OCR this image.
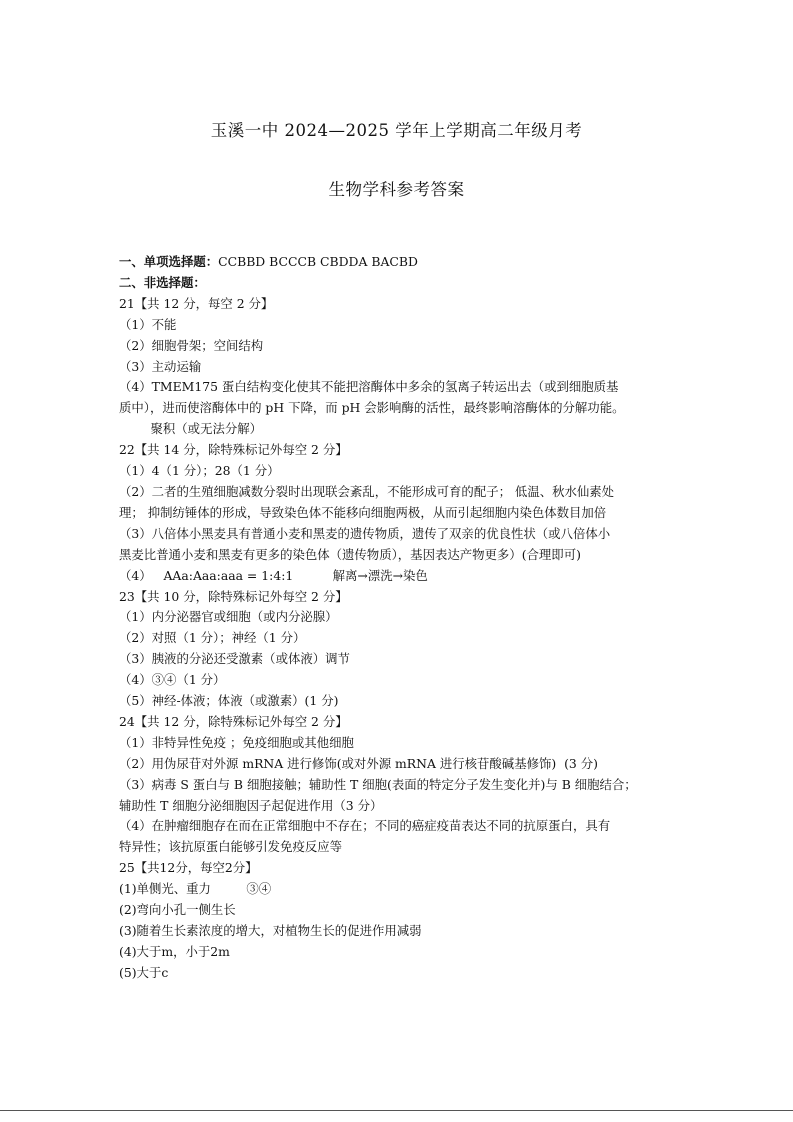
玉溪一中 2024—2025 学年上学期高二年级月考
生物学科参考答案
一、单项选择题：CCBBD BCCCB CBDDA BACBD
二、非选择题：
21【共 12 分，每空 2 分】
（1）不能
（2）细胞骨架；空间结构
（3）主动运输
（4）TMEM175 蛋白结构变化使其不能把溶酶体中多余的氢离子转运出去（或到细胞质基
质中），进而使溶酶体中的 pH 下降，而 pH 会影响酶的活性，最终影响溶酶体的分解功能。
聚积（或无法分解）
22【共 14 分，除特殊标记外每空 2 分】
（1）4（1 分）；28（1 分）
（2）二者的生殖细胞减数分裂时出现联会紊乱，不能形成可育的配子； 低温、秋水仙素处
理； 抑制纺锤体的形成，导致染色体不能移向细胞两极，从而引起细胞内染色体数目加倍
（3）八倍体小黑麦具有普通小麦和黑麦的遗传物质，遗传了双亲的优良性状（或八倍体小
黑麦比普通小麦和黑麦有更多的染色体（遗传物质），基因表达产物更多）(合理即可)
（4）   AAa:Aaa:aaa = 1:4:1          解离→漂洗→染色
23【共 10 分，除特殊标记外每空 2 分】
（1）内分泌器官或细胞（或内分泌腺）
（2）对照（1 分）；神经（1 分）
（3）胰液的分泌还受激素（或体液）调节
（4）③④（1 分）
（5）神经-体液；体液（或激素）(1 分)
24【共 12 分，除特殊标记外每空 2 分】
（1）非特异性免疫 ；免疫细胞或其他细胞
（2）用伪尿苷对外源 mRNA 进行修饰(或对外源 mRNA 进行核苷酸碱基修饰)  (3 分)
（3）病毒 S 蛋白与 B 细胞接触；辅助性 T 细胞(表面的特定分子发生变化并)与 B 细胞结合；
辅助性 T 细胞分泌细胞因子起促进作用（3 分）
（4）在肿瘤细胞存在而在正常细胞中不存在；不同的癌症疫苗表达不同的抗原蛋白，具有
特异性；该抗原蛋白能够引发免疫反应等
25【共12分，每空2分】
(1)单侧光、重力         ③④
(2)弯向小孔一侧生长
(3)随着生长素浓度的增大，对植物生长的促进作用减弱
(4)大于m，小于2m
(5)大于c
